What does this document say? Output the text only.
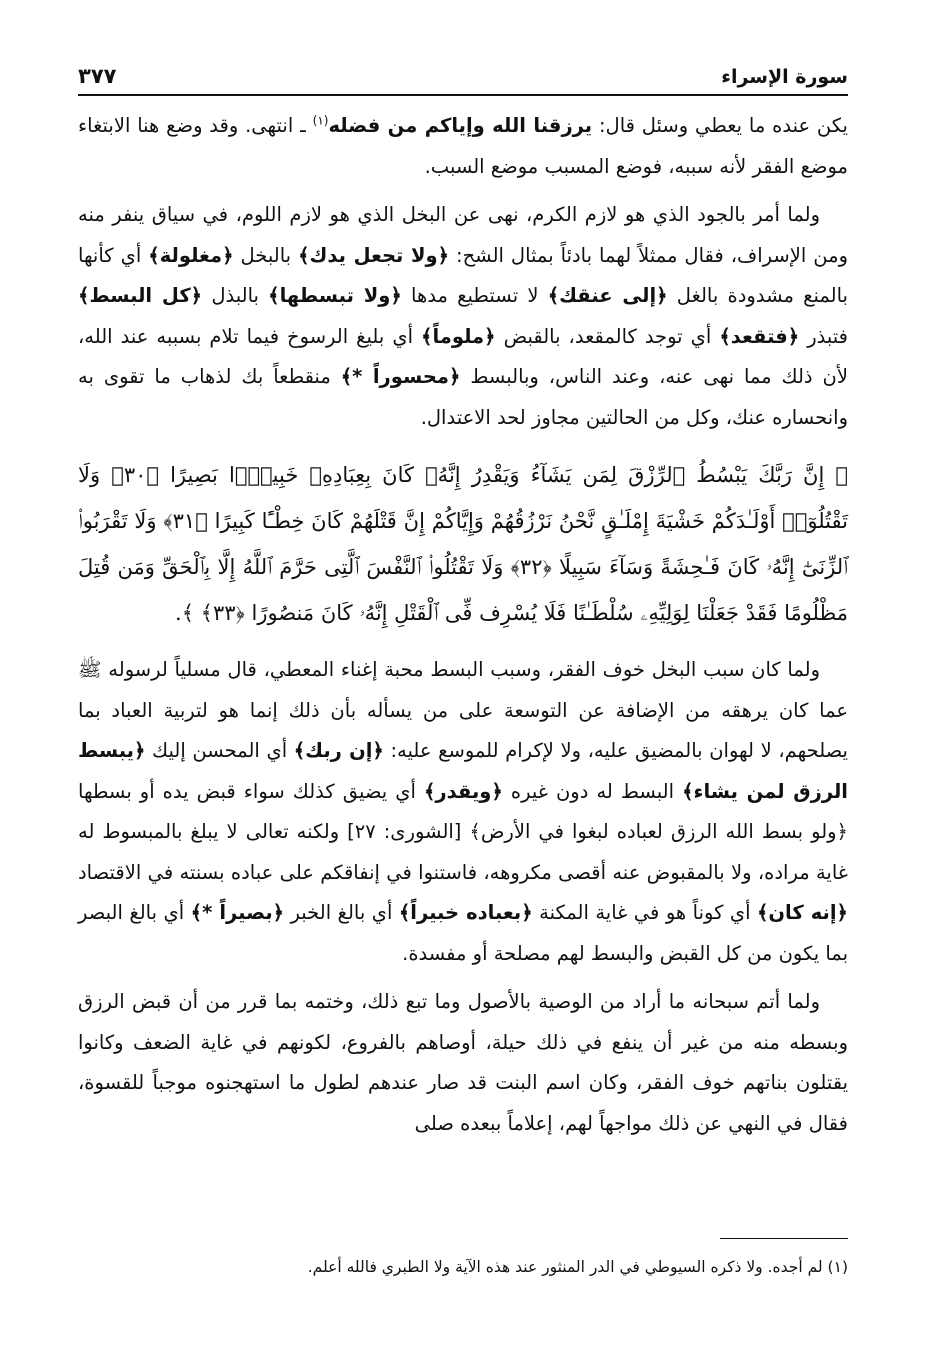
سورة الإسراء
٣٧٧

يكن عنده ما يعطي وسئل قال: يرزقنا الله وإياكم من فضله$^{(١)}$ ـ انتهى. وقد وضع هنا الابتغاء موضع الفقر لأنه سببه، فوضع المسبب موضع السبب.

ولما أمر بالجود الذي هو لازم الكرم، نهى عن البخل الذي هو لازم اللوم، في سياق ينفر منه ومن الإسراف، فقال ممثلاً لهما بادئاً بمثال الشح: ﴿ولا تجعل يدك﴾ بالبخل ﴿مغلولة﴾ أي كأنها بالمنع مشدودة بالغل ﴿إلى عنقك﴾ لا تستطيع مدها ﴿ولا تبسطها﴾ بالبذل ﴿كل البسط﴾ فتبذر ﴿فتقعد﴾ أي توجد كالمقعد، بالقبض ﴿ملوماً﴾ أي بليغ الرسوخ فيما تلام بسببه عند الله، لأن ذلك مما نهى عنه، وعند الناس، وبالبسط ﴿محسوراً *﴾ منقطعاً بك لذهاب ما تقوى به وانحساره عنك، وكل من الحالتين مجاوز لحد الاعتدال.

﴿ إِنَّ رَبَّكَ يَبْسُطُ ٱلرِّزْقَ لِمَن يَشَآءُ وَيَقْدِرُ إِنَّهُۥ كَانَ بِعِبَادِهِۦ خَبِيرًۢا بَصِيرًا ﴿٣٠﴾ وَلَا تَقْتُلُوٓا۟ أَوْلَـٰدَكُمْ خَشْيَةَ إِمْلَـٰقٍ نَّحْنُ نَرْزُقُهُمْ وَإِيَّاكُمْ إِنَّ قَتْلَهُمْ كَانَ خِطْـًٔا كَبِيرًا ﴿٣١﴾ وَلَا تَقْرَبُوا۟ ٱلزِّنَىٰٓ إِنَّهُۥ كَانَ فَـٰحِشَةً وَسَآءَ سَبِيلًا ﴿٣٢﴾ وَلَا تَقْتُلُوا۟ ٱلنَّفْسَ ٱلَّتِى حَرَّمَ ٱللَّهُ إِلَّا بِٱلْحَقِّ وَمَن قُتِلَ مَظْلُومًا فَقَدْ جَعَلْنَا لِوَلِيِّهِۦ سُلْطَـٰنًا فَلَا يُسْرِف فِّى ٱلْقَتْلِ إِنَّهُۥ كَانَ مَنصُورًا ﴿٣٣﴾ ﴾.

ولما كان سبب البخل خوف الفقر، وسبب البسط محبة إغناء المعطي، قال مسلياً لرسوله ﷺ عما كان يرهقه من الإضافة عن التوسعة على من يسأله بأن ذلك إنما هو لتربية العباد بما يصلحهم، لا لهوان بالمضيق عليه، ولا لإكرام للموسع عليه: ﴿إن ربك﴾ أي المحسن إليك ﴿يبسط الرزق لمن يشاء﴾ البسط له دون غيره ﴿ويقدر﴾ أي يضيق كذلك سواء قبض يده أو بسطها ﴿ولو بسط الله الرزق لعباده لبغوا في الأرض﴾ [الشورى: ٢٧] ولكنه تعالى لا يبلغ بالمبسوط له غاية مراده، ولا بالمقبوض عنه أقصى مكروهه، فاستنوا في إنفاقكم على عباده بسنته في الاقتصاد ﴿إنه كان﴾ أي كوناً هو في غاية المكنة ﴿بعباده خبيراً﴾ أي بالغ الخبر ﴿بصيراً *﴾ أي بالغ البصر بما يكون من كل القبض والبسط لهم مصلحة أو مفسدة.

ولما أتم سبحانه ما أراد من الوصية بالأصول وما تبع ذلك، وختمه بما قرر من أن قبض الرزق وبسطه منه من غير أن ينفع في ذلك حيلة، أوصاهم بالفروع، لكونهم في غاية الضعف وكانوا يقتلون بناتهم خوف الفقر، وكان اسم البنت قد صار عندهم لطول ما استهجنوه موجباً للقسوة، فقال في النهي عن ذلك مواجهاً لهم، إعلاماً ببعده صلى

(١) لم أجده. ولا ذكره السيوطي في الدر المنثور عند هذه الآية ولا الطبري فالله أعلم.
